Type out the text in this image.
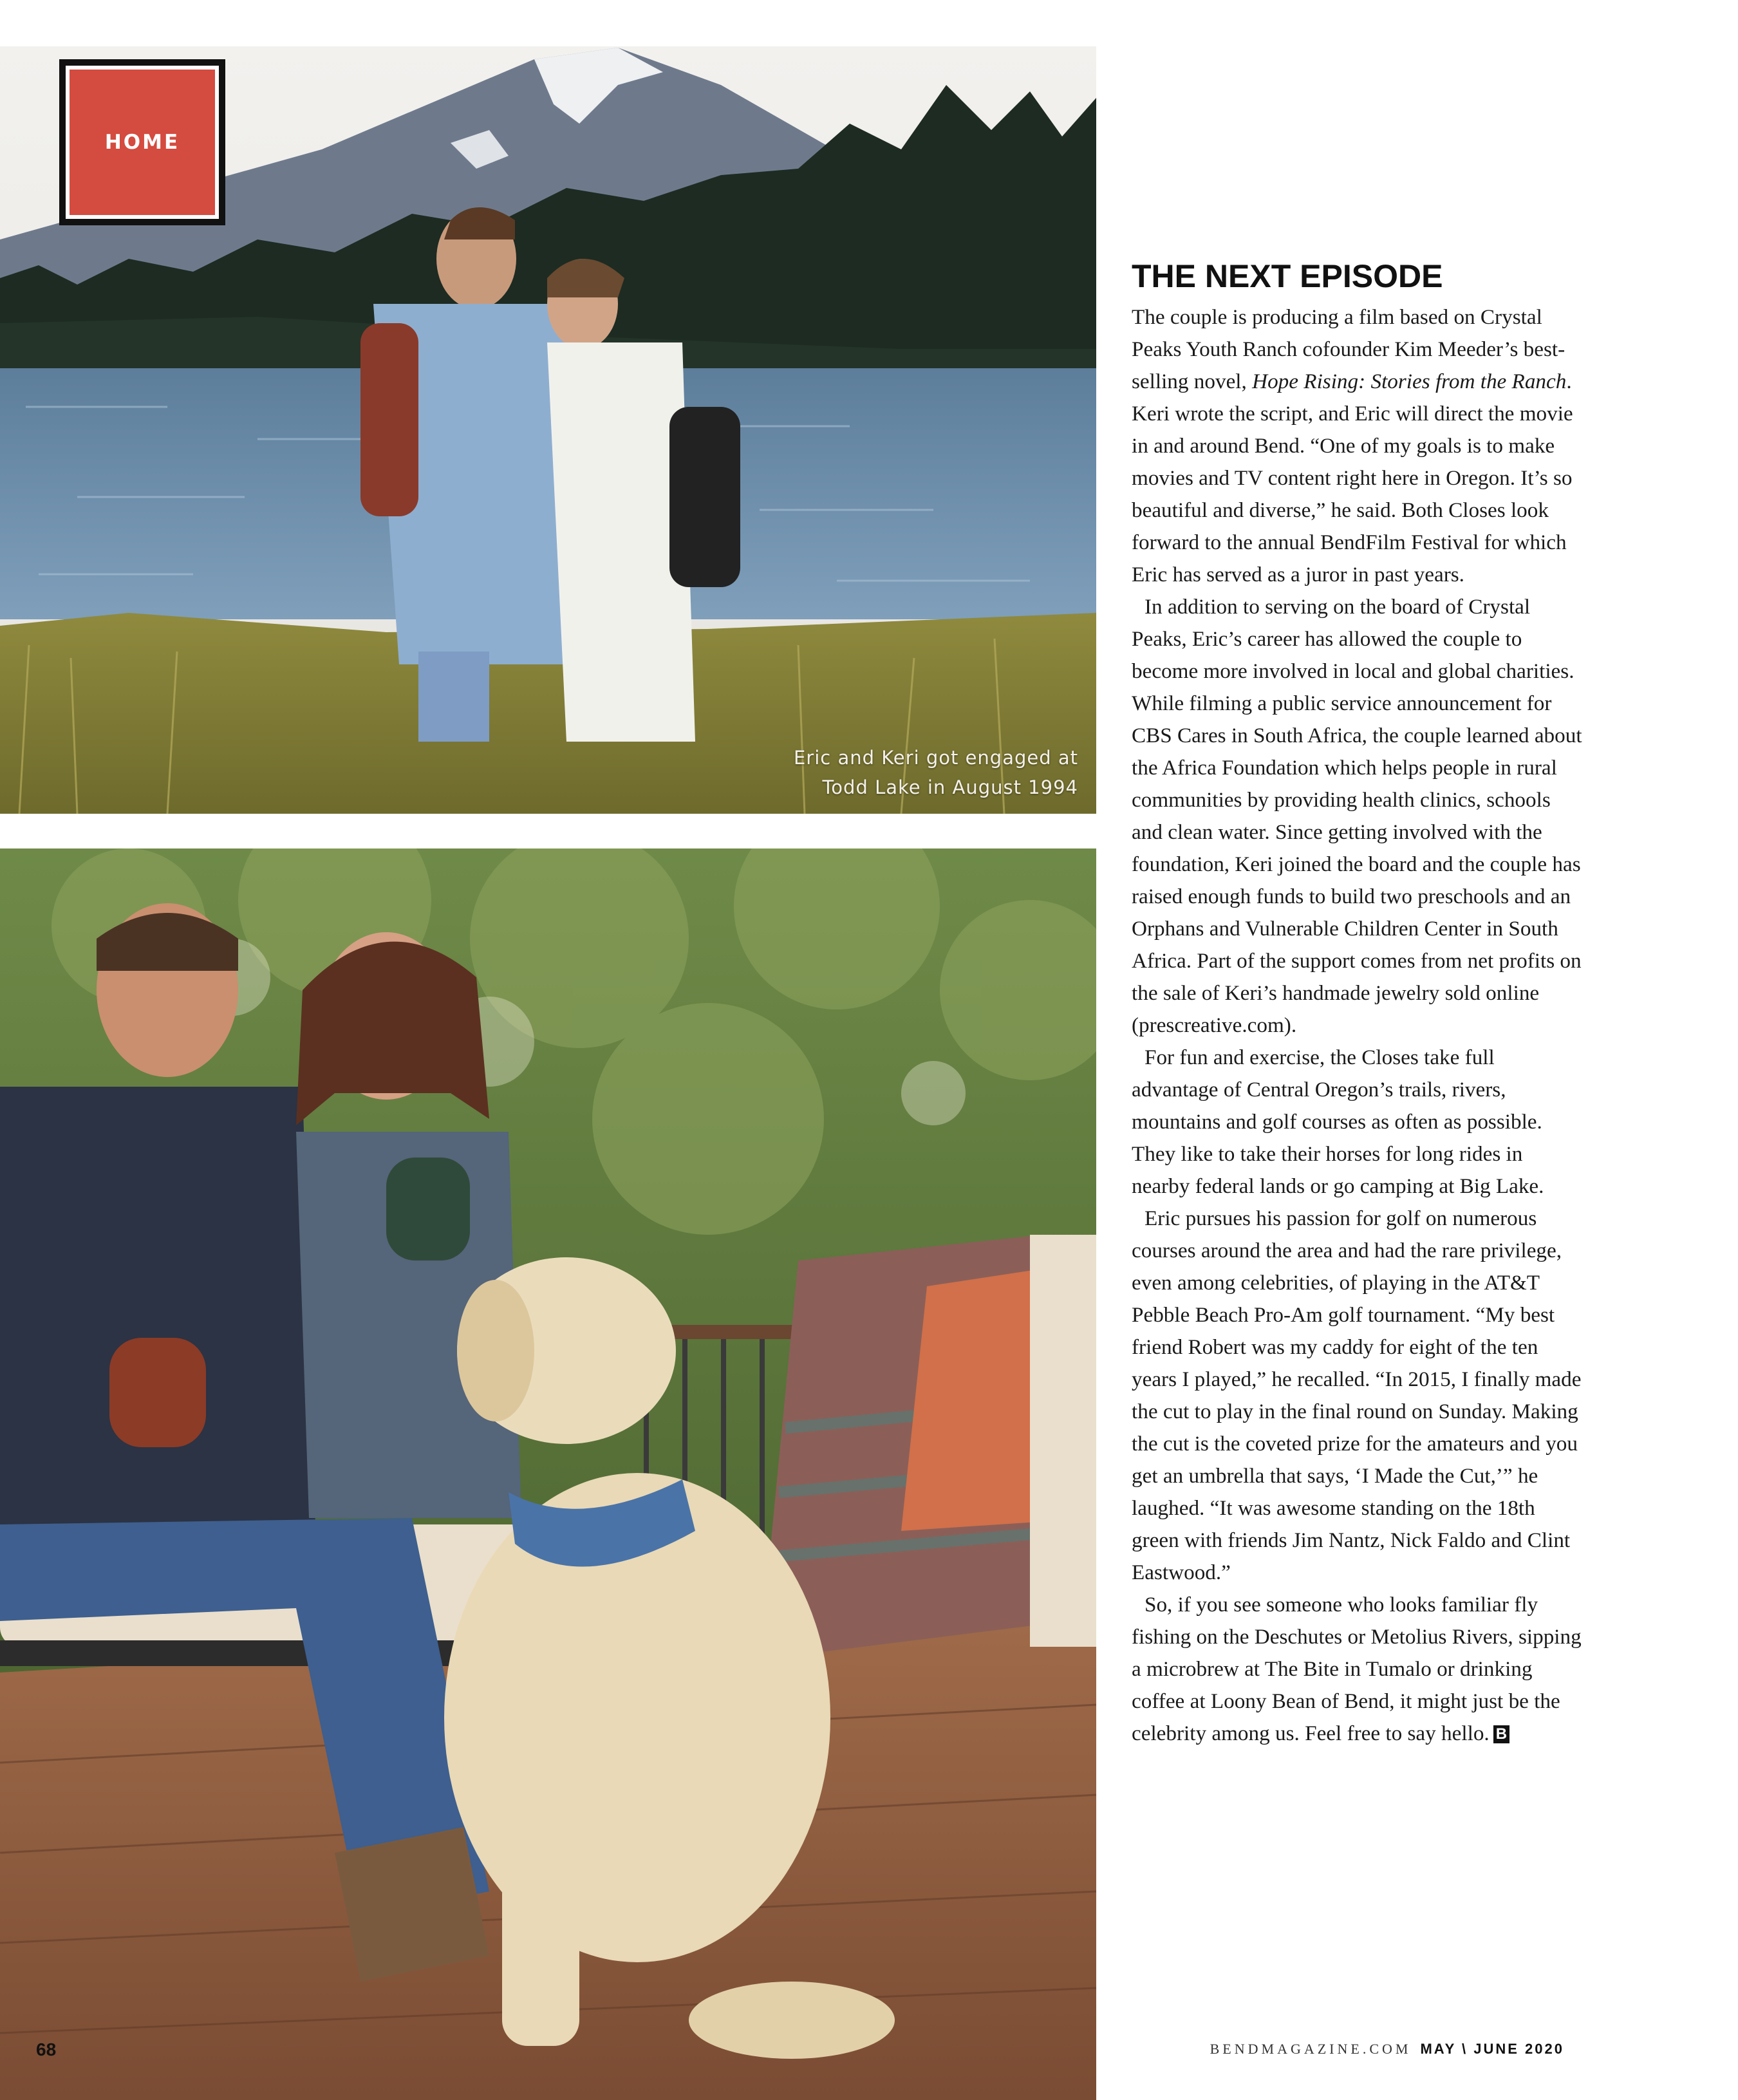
Eric and Keri got engaged at
Todd Lake in August 1994
HOME
THE NEXT EPISODE
The couple is producing a film based on Crystal Peaks Youth Ranch cofounder Kim Meeder’s best-selling novel, Hope Rising: Stories from the Ranch. Keri wrote the script, and Eric will direct the movie in and around Bend. “One of my goals is to make movies and TV content right here in Oregon. It’s so beautiful and diverse,” he said. Both Closes look forward to the annual BendFilm Festival for which Eric has served as a juror in past years.
In addition to serving on the board of Crystal Peaks, Eric’s career has allowed the couple to become more involved in local and global charities. While filming a public service announcement for CBS Cares in South Africa, the couple learned about the Africa Foundation which helps people in rural communities by providing health clinics, schools and clean water. Since getting involved with the foundation, Keri joined the board and the couple has raised enough funds to build two preschools and an Orphans and Vulnerable Children Center in South Africa. Part of the support comes from net profits on the sale of Keri’s handmade jewelry sold online (prescreative.com).
For fun and exercise, the Closes take full advantage of Central Oregon’s trails, rivers, mountains and golf courses as often as possible. They like to take their horses for long rides in nearby federal lands or go camping at Big Lake.
Eric pursues his passion for golf on numerous courses around the area and had the rare privilege, even among celebrities, of playing in the AT&T Pebble Beach Pro-Am golf tournament. “My best friend Robert was my caddy for eight of the ten years I played,” he recalled. “In 2015, I finally made the cut to play in the final round on Sunday. Making the cut is the coveted prize for the amateurs and you get an umbrella that says, ‘I Made the Cut,’” he laughed. “It was awesome standing on the 18th green with friends Jim Nantz, Nick Faldo and Clint Eastwood.”
So, if you see someone who looks familiar fly fishing on the Deschutes or Metolius Rivers, sipping a microbrew at The Bite in Tumalo or drinking coffee at Loony Bean of Bend, it might just be the celebrity among us. Feel free to say hello. B
68	BENDMAGAZINE.COM MAY \ JUNE 2020
